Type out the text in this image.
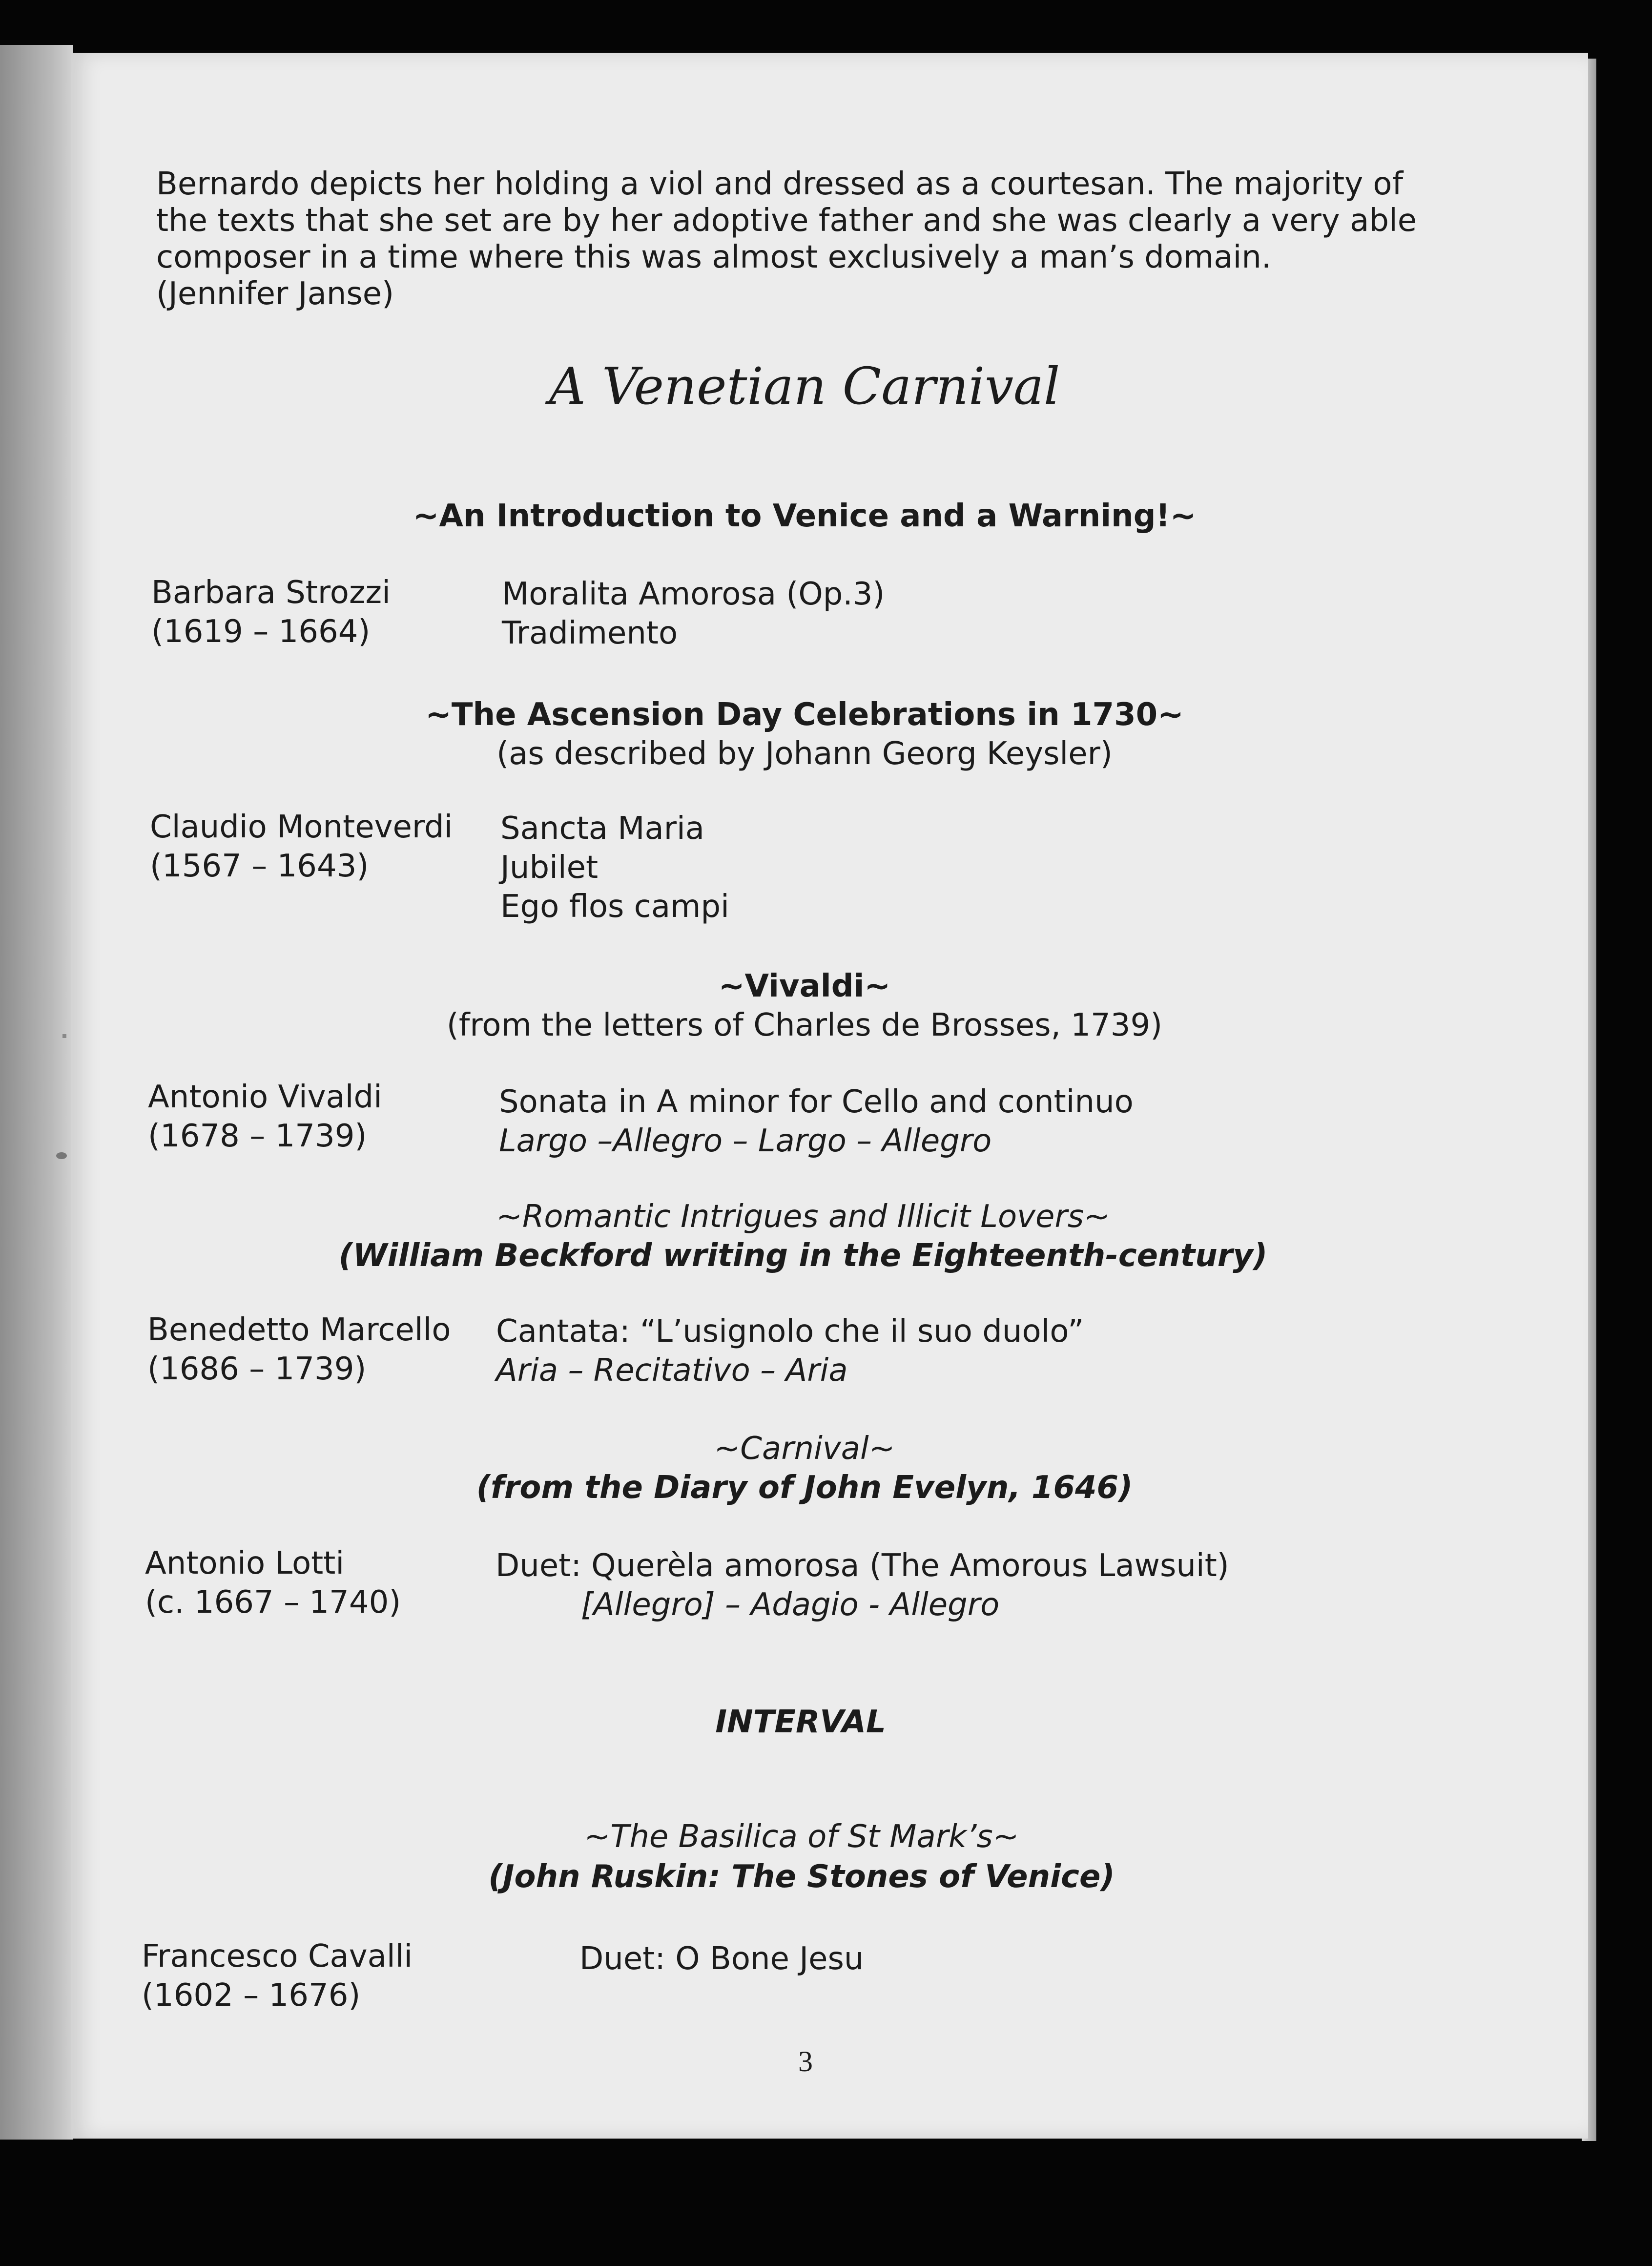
Bernardo depicts her holding a viol and dressed as a courtesan. The majority of
the texts that she set are by her adoptive father and she was clearly a very able
composer in a time where this was almost exclusively a man’s domain.
(Jennifer Janse)
A Venetian Carnival
~An Introduction to Venice and a Warning!~
Barbara Strozzi
(1619 – 1664)
Moralita Amorosa (Op.3)
Tradimento
~The Ascension Day Celebrations in 1730~
(as described by Johann Georg Keysler)
Claudio Monteverdi
(1567 – 1643)
Sancta Maria
Jubilet
Ego flos campi
~Vivaldi~
(from the letters of Charles de Brosses, 1739)
Antonio Vivaldi
(1678 – 1739)
Sonata in A minor for Cello and continuo
Largo –Allegro – Largo – Allegro
~Romantic Intrigues and Illicit Lovers~
(William Beckford writing in the Eighteenth-century)
Benedetto Marcello
(1686 – 1739)
Cantata: “L’usignolo che il suo duolo”
Aria – Recitativo – Aria
~Carnival~
(from the Diary of John Evelyn, 1646)
Antonio Lotti
(c. 1667 – 1740)
Duet: Querèla amorosa (The Amorous Lawsuit)
[Allegro] – Adagio - Allegro
INTERVAL
~The Basilica of St Mark’s~
(John Ruskin: The Stones of Venice)
Francesco Cavalli
(1602 – 1676)
Duet: O Bone Jesu
3
